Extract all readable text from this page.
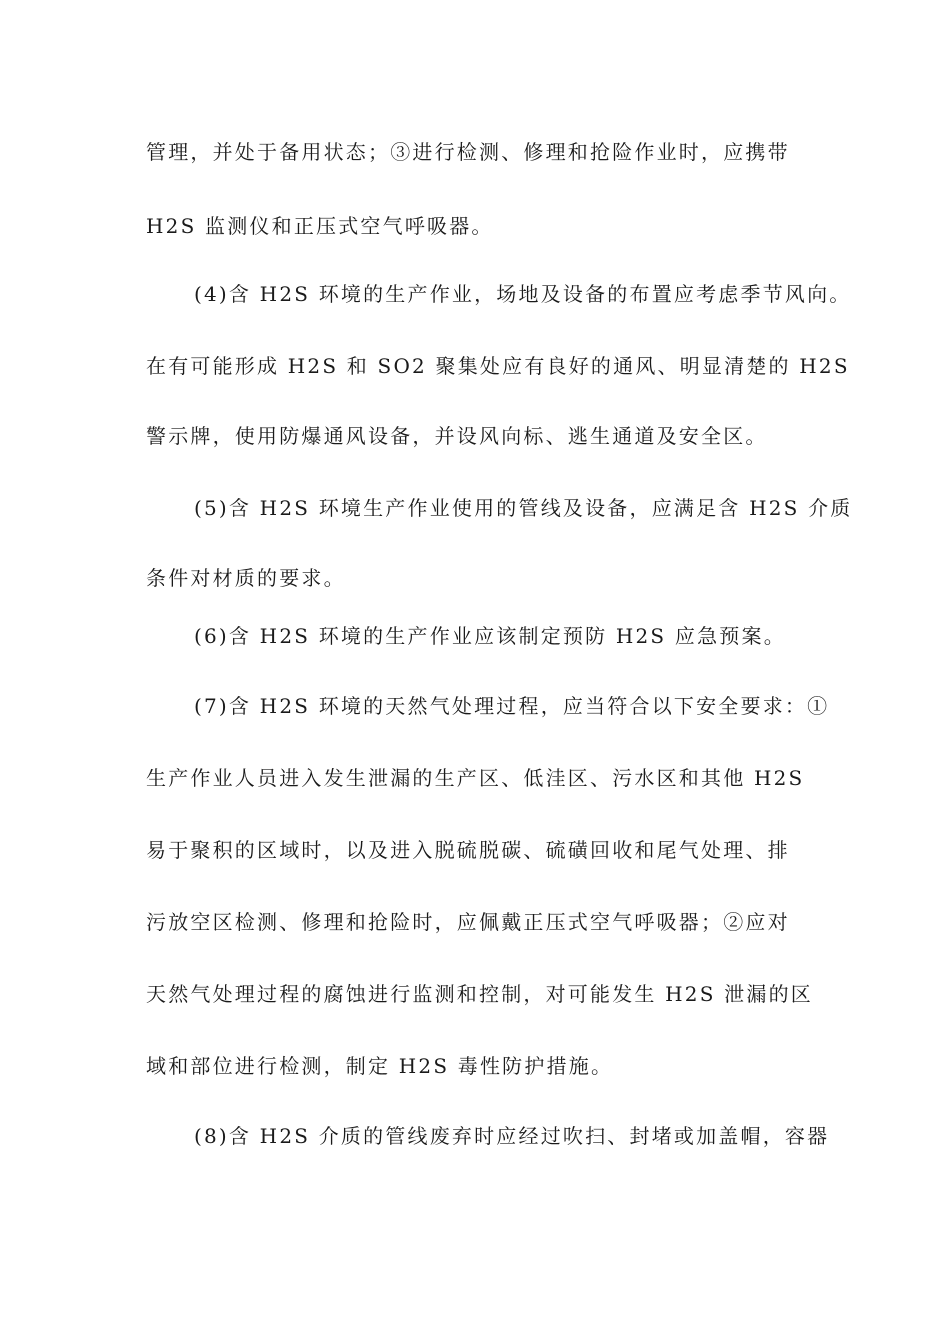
管理，并处于备用状态；③进行检测、修理和抢险作业时，应携带
H2S 监测仪和正压式空气呼吸器。
(4)含 H2S 环境的生产作业，场地及设备的布置应考虑季节风向。
在有可能形成 H2S 和 SO2 聚集处应有良好的通风、明显清楚的 H2S
警示牌，使用防爆通风设备，并设风向标、逃生通道及安全区。
(5)含 H2S 环境生产作业使用的管线及设备，应满足含 H2S 介质
条件对材质的要求。
(6)含 H2S 环境的生产作业应该制定预防 H2S 应急预案。
(7)含 H2S 环境的天然气处理过程，应当符合以下安全要求：①
生产作业人员进入发生泄漏的生产区、低洼区、污水区和其他 H2S
易于聚积的区域时，以及进入脱硫脱碳、硫磺回收和尾气处理、排
污放空区检测、修理和抢险时，应佩戴正压式空气呼吸器；②应对
天然气处理过程的腐蚀进行监测和控制，对可能发生 H2S 泄漏的区
域和部位进行检测，制定 H2S 毒性防护措施。
(8)含 H2S 介质的管线废弃时应经过吹扫、封堵或加盖帽，容器
